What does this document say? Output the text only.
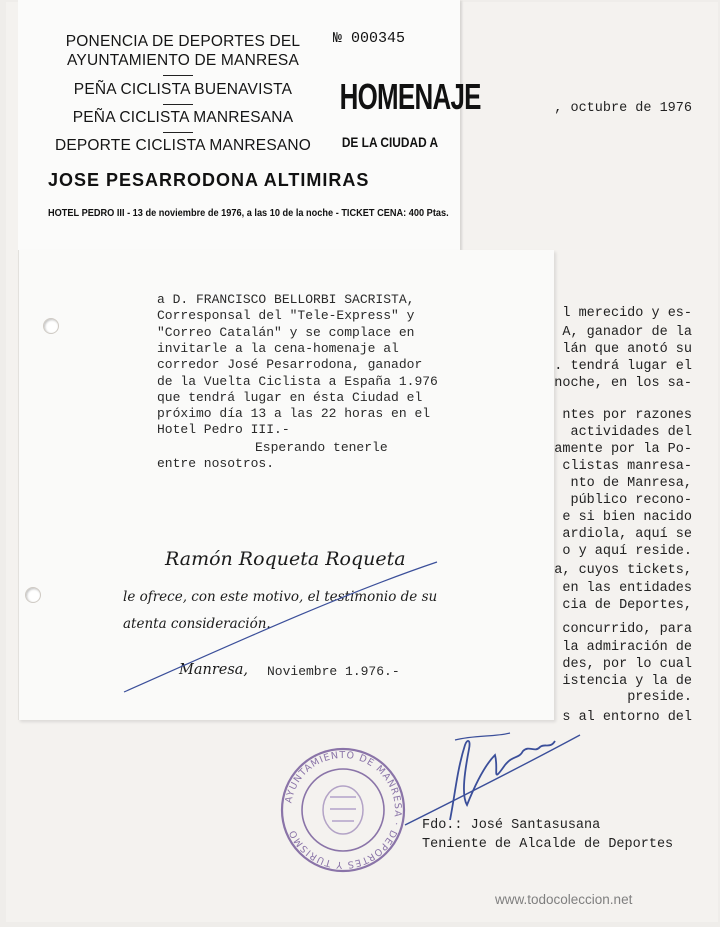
, octubre de 1976
l merecido y es-
A, ganador de la
lán que anotó su
. tendrá lugar el
noche, en los sa-
ntes por razones
actividades del
amente por la Po-
clistas manresa-
nto de Manresa,
público recono-
e si bien nacido
ardiola, aquí se
o y aquí reside.
a, cuyos tickets,
en las entidades
cia de Deportes,
concurrido, para
la admiración de
des, por lo cual
istencia y la de
preside.
s al entorno del
Fdo.: José Santasusana
Teniente de Alcalde de Deportes
AYUNTAMIENTO DE MANRESA · DEPORTES Y TURISMO
PONENCIA DE DEPORTES DEL
AYUNTAMIENTO DE MANRESA
PEÑA CICLISTA BUENAVISTA
PEÑA CICLISTA MANRESANA
DEPORTE CICLISTA MANRESANO
№ 000345
HOMENAJE
DE LA CIUDAD A
JOSE PESARRODONA ALTIMIRAS
HOTEL PEDRO III - 13 de noviembre de 1976, a las 10 de la noche - TICKET CENA: 400 Ptas.
a D. FRANCISCO BELLORBI SACRISTA,
Corresponsal del "Tele-Express" y
"Correo Catalán" y se complace en
invitarle a la cena-homenaje al
corredor José Pesarrodona, ganador
de la Vuelta Ciclista a España 1.976
que tendrá lugar en ésta Ciudad el
próximo día 13 a las 22 horas en el
Hotel Pedro III.-
Esperando tenerle
entre nosotros.
Ramón Roqueta Roqueta
le ofrece, con este motivo, el testimonio de su
atenta consideración.
Manresa, Noviembre 1.976.-
www.todocoleccion.net
